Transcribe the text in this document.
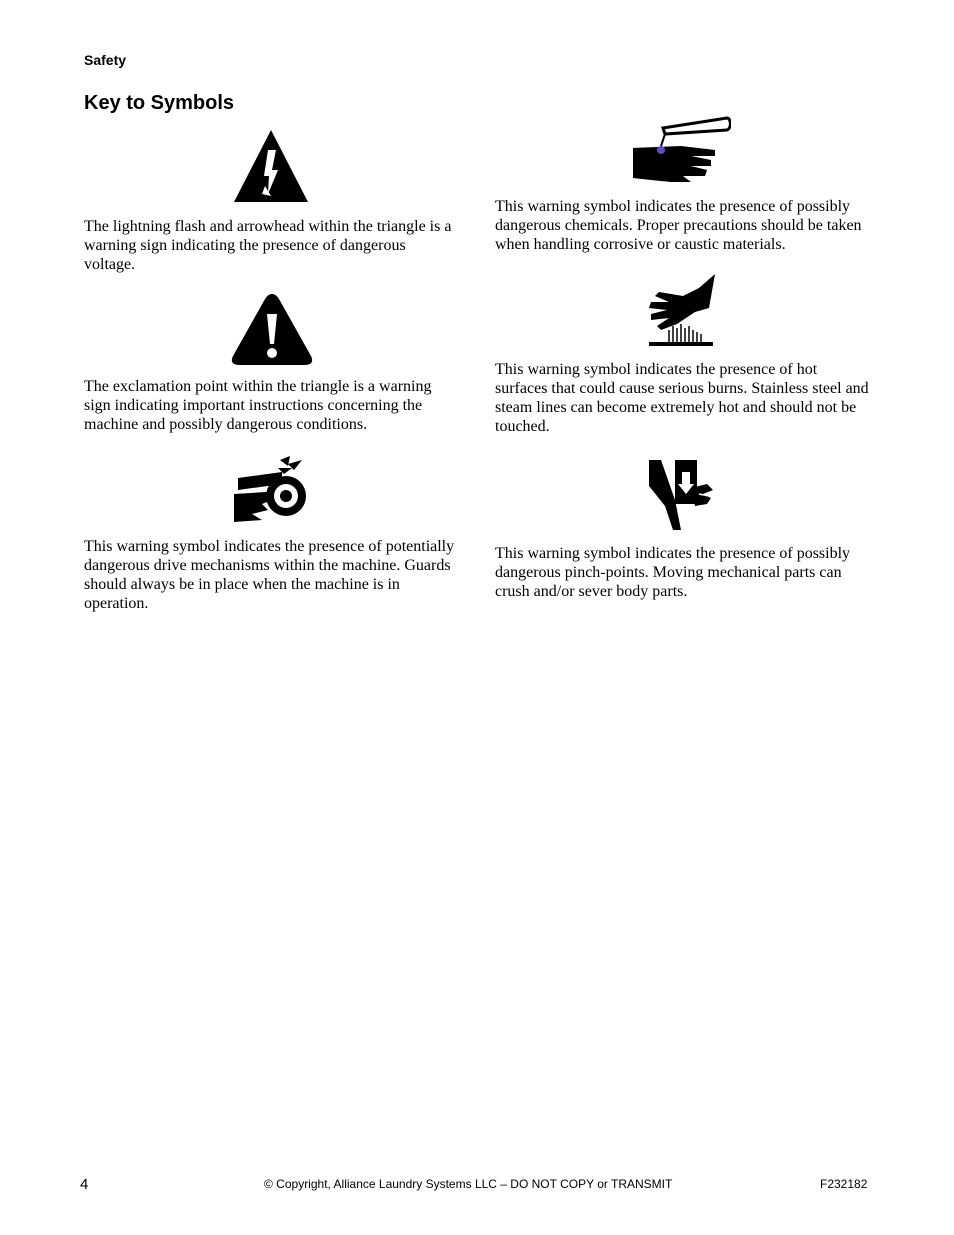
Safety
Key to Symbols

The lightning flash and arrowhead within the triangle is a warning sign indicating the presence of dangerous voltage.

The exclamation point within the triangle is a warning sign indicating important instructions concerning the machine and possibly dangerous conditions.

This warning symbol indicates the presence of potentially dangerous drive mechanisms within the machine. Guards should always be in place when the machine is in operation.

This warning symbol indicates the presence of possibly dangerous chemicals. Proper precautions should be taken when handling corrosive or caustic materials.

This warning symbol indicates the presence of hot surfaces that could cause serious burns. Stainless steel and steam lines can become extremely hot and should not be touched.

This warning symbol indicates the presence of possibly dangerous pinch-points. Moving mechanical parts can crush and/or sever body parts.

4	© Copyright, Alliance Laundry Systems LLC – DO NOT COPY or TRANSMIT	F232182
